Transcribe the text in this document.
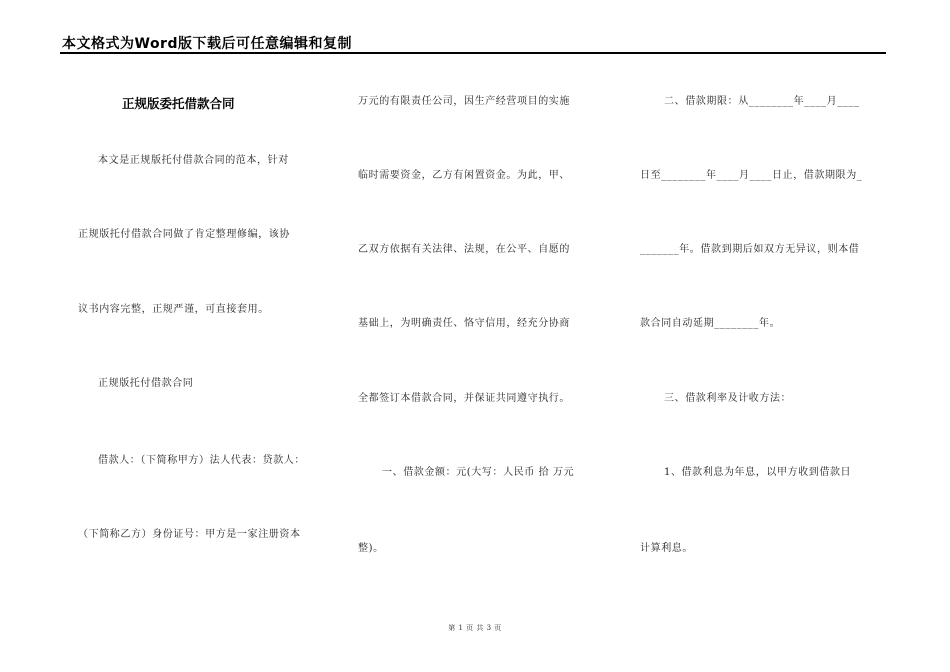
本文格式为Word版下载后可任意编辑和复制
正规版委托借款合同
本文是正规版托付借款合同的范本，针对
正规版托付借款合同做了肯定整理修编，该协
议书内容完整，正规严谨，可直接套用。
正规版托付借款合同
借款人：（下简称甲方）法人代表：贷款人：
（下简称乙方）身份证号：甲方是一家注册资本
万元的有限责任公司，因生产经营项目的实施
临时需要资金，乙方有闲置资金。为此，甲、
乙双方依据有关法律、法规，在公平、自愿的
基础上，为明确责任、恪守信用，经充分协商
全都签订本借款合同，并保证共同遵守执行。
一、借款金额：元(大写：人民币 拾 万元
整)。
二、借款期限：从________年____月____
日至________年____月____日止，借款期限为_
_______年。借款到期后如双方无异议，则本借
款合同自动延期________年。
三、借款利率及计收方法：
1、借款利息为年息，以甲方收到借款日
计算利息。
第 1 页 共 3 页
